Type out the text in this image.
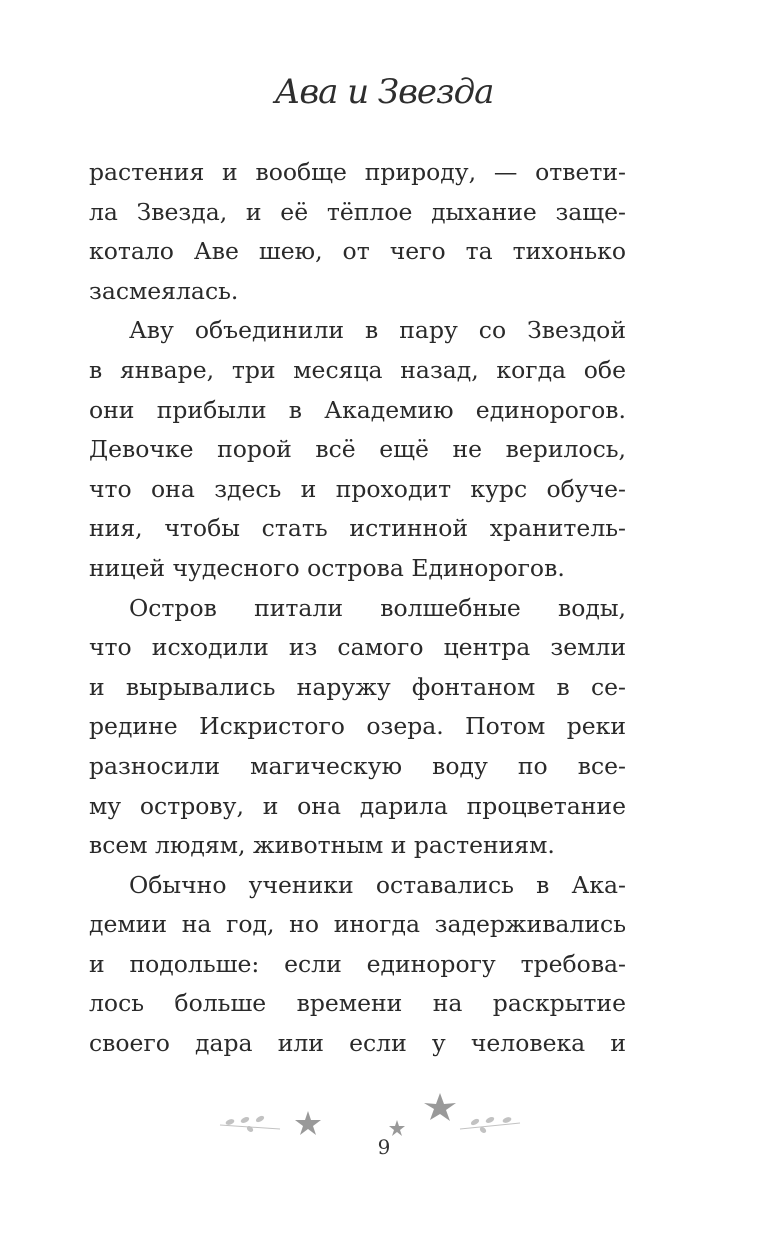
Ава и Звезда
растения и вообще природу, — ответи-
ла Звезда, и её тёплое дыхание защe-
котало Аве шею, от чего та тихонько
засмеялась.
Аву объединили в пару со Звездой
в январе, три месяца назад, когда обе
они прибыли в Академию единорогов.
Девочке порой всё ещё не верилось,
что она здесь и проходит курс обуче-
ния, чтобы стать истинной хранитель-
ницей чудесного острова Единорогов.
Остров питали волшебные воды,
что исходили из самого центра земли
и вырывались наружу фонтаном в се-
редине Искристого озера. Потом реки
разносили магическую воду по все-
му острову, и она дарила процветание
всем людям, животным и растениям.
Обычно ученики оставались в Ака-
демии на год, но иногда задерживались
и подольше: если единорогу требова-
лось больше времени на раскрытие
своего дара или если у человека и
9
